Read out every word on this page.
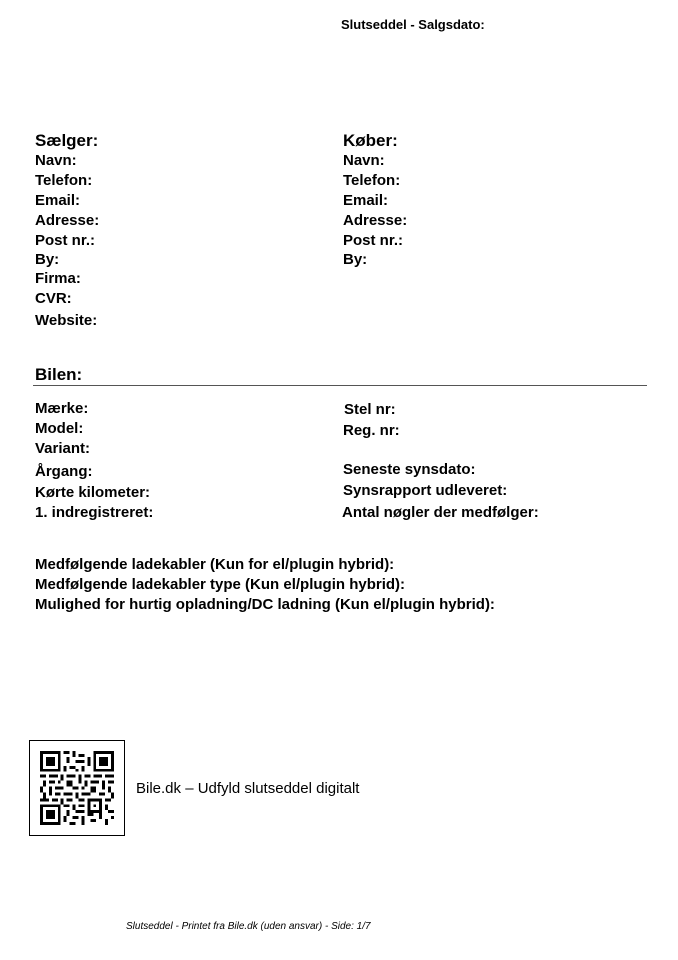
Slutseddel - Salgsdato:
Sælger:
Navn:
Telefon:
Email:
Adresse:
Post nr.:
By:
Firma:
CVR:
Website:
Køber:
Navn:
Telefon:
Email:
Adresse:
Post nr.:
By:
Bilen:
Mærke:
Model:
Variant:
Årgang:
Kørte kilometer:
1. indregistreret:
Stel nr:
Reg. nr:
Seneste synsdato:
Synsrapport udleveret:
Antal nøgler der medfølger:
Medfølgende ladekabler (Kun for el/plugin hybrid):
Medfølgende ladekabler type (Kun el/plugin hybrid):
Mulighed for hurtig opladning/DC ladning (Kun el/plugin hybrid):
Bile.dk – Udfyld slutseddel digitalt
Slutseddel - Printet fra Bile.dk (uden ansvar) - Side: 1/7
